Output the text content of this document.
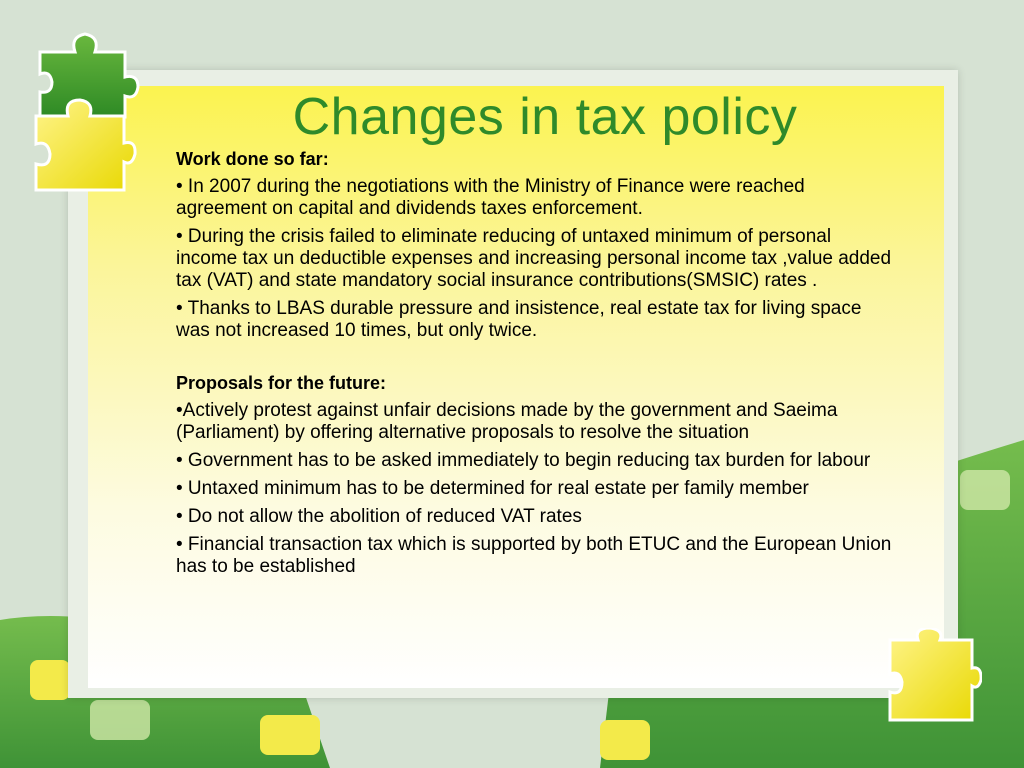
Changes in tax policy

Work done so far:

• In 2007 during the negotiations with the Ministry of Finance were reached agreement on capital and dividends taxes enforcement.

• During the crisis failed to eliminate reducing of untaxed minimum of personal income tax un deductible expenses and increasing personal income tax ,value added tax (VAT) and state mandatory social insurance contributions(SMSIC) rates .

• Thanks to LBAS durable pressure and insistence, real estate tax for living space was not increased 10 times, but only twice.

Proposals for the future:

•Actively protest against unfair decisions made by the government and Saeima (Parliament) by offering alternative proposals to resolve the situation

• Government has to be asked immediately to begin reducing tax burden for labour

• Untaxed minimum has to be determined for real estate per family member

• Do not allow the abolition of reduced VAT rates

• Financial transaction tax which is supported by both ETUC and the European Union has to be established
